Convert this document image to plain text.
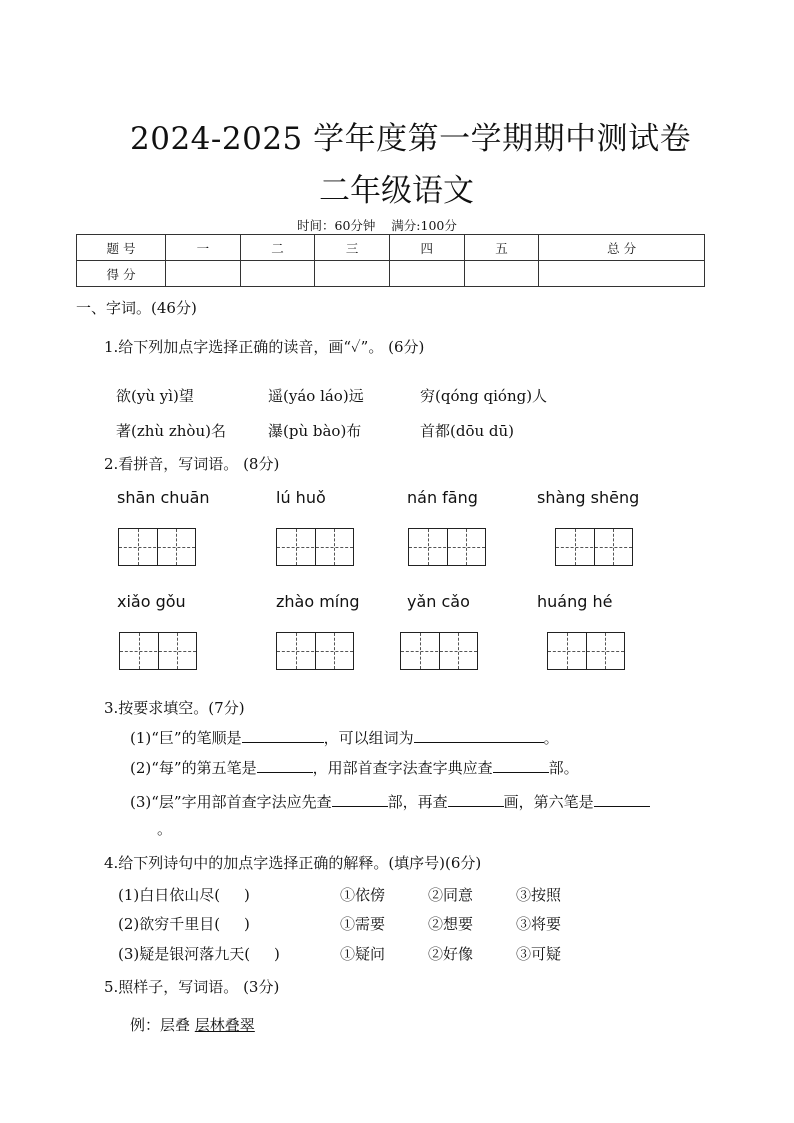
2024-2025 学年度第一学期期中测试卷
二年级语文
时间：60分钟    满分:100分
题 号	一	二	三	四	五	总 分
得 分						
一、字词。(46分)
1.给下列加点字选择正确的读音，画“✓”。 (6分)
欲(yù yì)望	遥(yáo láo)远	穷(qóng qióng)人
著(zhù zhòu)名	瀑(pù bào)布	首都(dōu dū)
2.看拼音，写词语。 (8分)
shān chuān	lú huǒ	nán fāng	shàng shēng
xiǎo gǒu	zhào míng	yǎn cǎo	huáng hé
3.按要求填空。(7分)
(1)“巨”的笔顺是	，可以组词为	。
(2)“每”的第五笔是	，用部首查字法查字典应查	部。
(3)“层”字用部首查字法应先查	部，再查	画，第六笔是
。
4.给下列诗句中的加点字选择正确的解释。(填序号)(6分)
(1)白日依山尽(     )	①依傍	②同意	③按照
(2)欲穷千里目(     )	①需要	②想要	③将要
(3)疑是银河落九天(     )	①疑问	②好像	③可疑
5.照样子，写词语。 (3分)
例：层叠 层林叠翠
